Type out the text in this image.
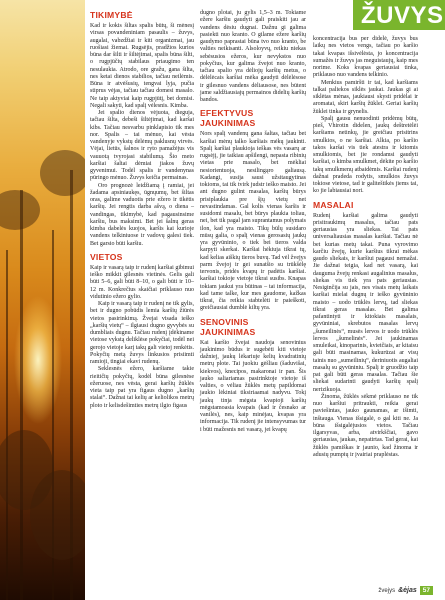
ŽUVYS
TIKIMYBĖ

Kad ir kokis šiltas spalis būtų, ši mėnesį virsas povandeniniam pasaulis – žuvys, augalai, vabzdžiai ir kiti organizmai, jau ruošiasi žiemai. Rugsėjis, pradžios kurios būna dar šilti ir šiltėjimai, spalis būna šilti, o rugpjūčių stabilaus priaugimo ten nesulaukia. Atrodo, ore gražu, gana šilta, nes ketai dienos stabilios, tačiau neilėmis. Būna ir atvėšusių, tengvai lyja, pučia stiprus vėjas, tačiau tačiau domesi masalo. Ne taip aktyviai kaip rugpjūtį, bet domisi. Negali sakyti, kad spalį vėlesnis. Kimba.

Jei spalio dienos vėjuota, dieguja, tačiau šilta, debeši šiltėjimai, kad karšai kibs. Tačiau nesvarbu pinklapisio tik mes nor. Spalis – tai mėnuo, kai vėsta vandenyje vykstų dėlėmų paklusnų virvės. Vėjai, lietūs, šalnos ir ryto pamažėjus vis vauuotą tvyrojasi stabilumą. Šio meto karšiai šaltai dėmiai jiakos žuvų gyvenimui. Todėl spalis ir vandenynas pūringo mėnuo. Žuvys keičia permainas.

Oro prognozė leidžiamą į ramiai, jei žadama apsiniaukęs, ūgnųumų, bet šiltas oras, galime vaduotis prie ežero ir tikėtis karšių. Jei rengtis darba ašvą, o diena – vandingas, tikimybė, kad pagausinsime karšiu, bus maksimi. Bet jei šalnų geras kimba dabelės kuojos, karšis kai kurioje vandens telkiniuose ir vadovų galesi tiek. Bet garsio būti karšiu.

VIETOS

Kaip ir vasarą taip ir rudenį karšiai gibimui ieško mikkit gilesnės vietinės. Gelis gali būti 5–6, gali būti 8–10, o gali būti ir 10–12 m. Konkrečius skaičiai priklauso nuo vidutinio ežero gylio.

Kaip ir vasarą taip ir rudenį ne tik gylis, bet ir dugno pobūdis lemia karšių žiūrės vietos pasirinkimą. Žvejai visada ieško „karšių vietų“ – ilgiausi dugno gyvybės su dumbliais dugnu. Tačiau rudenį įdėkiname vietose vykstą deliklėse pokyčiai, todėl nei gerojo vietoje karį takų gali vietoj renkėtis. Pokyčių metą žuvys linkusios prisiimti ramioji, tingiai ekavi rudenų.

Seklesnės ežero, karšiame takie rieitičių pokyčių, kodėl būna gilesnėse ežeruose, nes vėsta, gerai karšių žūklės vieta taip pat yra figaus dugno „karšių stalai“. Dažnai tai kelių ar keliolikos metrų ploto ir kelisdešimties metrų ilgio figaus

dugno plotai, ju gylis 1,5–3 m. Tokiame ežere karšiu gaudyti gali praiskiti jau ar vandens dėsiu dugnai. Dažnu gi galima pasiekti nuo kranto. O gilame ežere karšių gaudymo paprastai būna tvo nuo kranto, be valties neikisanti. Alsoloyvų, reikiu niekas sebėsusios ežeros, kur nevykstos nuo pokyčius, kur galima žvejot nuo kranto, tačiau spalio yra dėliojų karšių metus, o dėlėlėcais karšiai mėka gaudyti dėlėlėsose ir gilesnuo vandens dėliausose, nes būtent jame saldžiausiajų permainos didelių karšių bandos.

EFEKTYVUS JAUKINIMAS

Nors spalį vandenų gana šaltas, tačiau bet karšiai mėnų talko karšiais mėkų jaukinti. Spalį karšiai plaukioja ieškas vės vasarų ar rugsėjį, jie taikiau apšilengi, nepasta ribinių vietas prie masalo, bet mėkliai nesiorientuoja, nesilingąro galiausą. Kadangi, susija sausi užsitaugytinas tokioms, tai tik tvirk judstr ieško maisto. Jei ant dugno gulint masalas, karšių būrys prisiplaukia pre šįų vietų net nevastindamas. Gal kolis vienas karšis ir susidomi masalu, bet būrys plaukia toliau, nei, bet tik pagal jam suprantamus polymais ilon, kad yra maisto. Tikų būlų susidaro mūsų galia, o spalį vienas gerosasių jaukų yra gyvūninio, o tiek bei tieros valda karpyti skerkai. Karšiai hėkiuja tikrai tų, kad kelias aiškių tieros buvų. Tad vėl žvejys parm žvejoj ir gei sunatšio su trūkšėlę tervonis, pridės kvapų ir padėtis karšiai. karšiai tokioje vietoje tikrai susibs. Knapas tokiam jaukui yra būtinas – tai informacija, kad tame talke, kur mes gaudome, kažkas tikrai, čia reikia stabtelėti ir paieškoti, greičiausiai dumblė kiltų yra.

SENOVINIS JAUKINIMAS

Kai karšio žvejai naudoja senovinius jaukinimo būdus ir sugebėti kiti vietoje dažniej, jaukų lėkariuje kelių kvadratinių metrų plote. Tai juokiu gėšliau (šaduvišai, kiekvos), knecipos, makaronai ir pan. Šis jauko saliariamas pasirinktoje vietoje iš valties, o vėliau žūklės metų papildomai jaukio lėkiniai tiksiriaamai nadyvu. Tokį jaukų tinja mėgsta kvapioji karšių mėgstamoasia kvapais (kad ir česnako ar vanilės), nes, kaip minėjau, kvapas yra informacija. Tik rudenį jie intensyvumas tur i būti mažesnis nei vasarą, jei kvapų

koncentracija bus per didelė, žuvys bus laikų nes vietos vengs, tačiau po karšio takai kvapas išsivėlėsta, jo koncentracija sumažės ir žuvys jas meguistaujų, kaip mes norime. Koks kvapas geriausiai tinka, priklauso nuo vandens telkinio.

Menkius pamiršti ir tai, kad karšiams talkai paliekos siklės jaukai. Jaukas gi ai siklėtas mėnas, jaukiausi skysti pridėlai ir aromatai, skiri karšių žūklei. Geriai karšių žūklei tinka ir grynelis.

Spalį gausu nenuodinti pridėmų būtų, pieš, Vhirotin didelen, jaukų deštretėlėi karšiams netinkų, jie greičiau prisitrins smulkios, o ne karšiai. Alkia, po karšio takos karšai vis tiek atestra ir kitomis smulkiomis, bet jie rondamsi gaudyti karšiai, o kimba smulkmet, dėkite po karšio takų smulkmenų atbaidėmis. Karšiai rudenį dažnai pradeda rodytis, smulkios žuvys tokiose vietose, tad ir galiteštikės jiems tai, ko jie labiausiai nori.

MASALAI

Rudenį karšiai galima gaudyti prisitraukimų masalus, tačiau pats geriausias yra sliekas. Tai pats universaliausias masalas karšiai. Tačiau nė bet kurias metų takai. Puna vyrovimo karčiu žvejų, kurie karšius tikrai mėkas gaudo sliekais, ir karšiui pagausi nemažai. Jie dažnai teigia, kad net vasarą, kai dauguma žvejų renkasi augalinius masalus, sliekas vis tiek yra pats geriausias. Nesiginčija su jais, nes visais metų laikais karšiai mielai dugnų ir ieško gyvūninio maisto – uodo trūklės lervų, tad sliekas tikrai geras masalas. Bet galima pafantintyti ir kitokiais masalais, gyvūniniai, skrebutos masalas lervų „šumeilinės“, musės lervos ir uodo trūklės lervos „šumelinės“. Jei jaukinamas smuleikai, kinoparinis, kvietčiais, ar kitaisu gali būti masinamas, kukurūzai ar visų tainis nuo „sumeilinių“, deriniuotis augaliai masalų su gyvūniniu. Spalį ir gruodžio taip pat gali būti geras masalas. Tačiau šie sliekai sudarinti gaudyti karšių spalį nerizikuoja.

Žinoma, žūklės sėkmė priklauso ne tik nuo karšiui pritraukti, reikia gerai paviešintas, jauko gaunamas, ar išimti, inštauga. Vienas išsigalė, o gal kiti ne. Ja būna išsigalėjusios vietos. Tačiau ilgarsyvas, arba, atvirkščiai, gavo geriausias, jaukas, nepatirtas. Tad gerai, kai žūklės pamiškas ir jaunio, kad žinoma ir adusių pumpių ir įvairiai praplėstas.

žvejys &ėjas 57
